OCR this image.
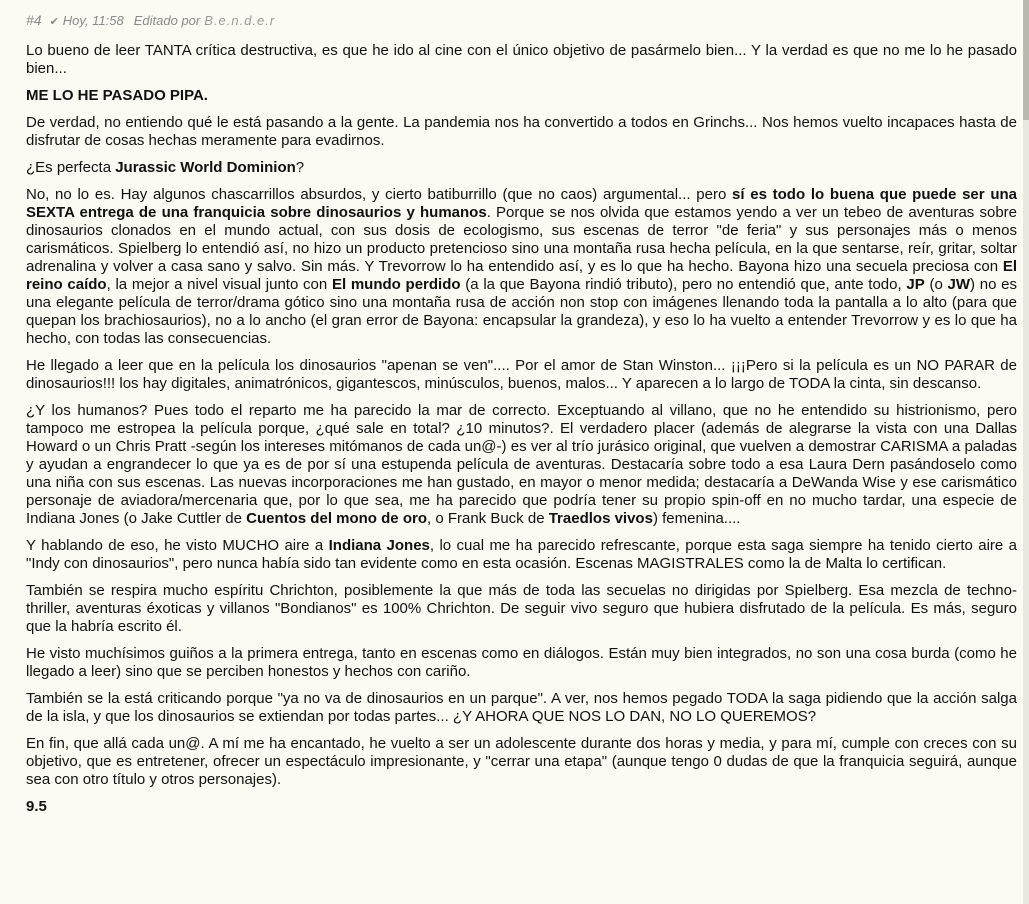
#4 ✔ Hoy, 11:58 Editado por B.e.n.d.e.r

Lo bueno de leer TANTA crítica destructiva, es que he ido al cine con el único objetivo de pasármelo bien... Y la verdad es que no me lo he pasado bien...

ME LO HE PASADO PIPA.

De verdad, no entiendo qué le está pasando a la gente. La pandemia nos ha convertido a todos en Grinchs... Nos hemos vuelto incapaces hasta de disfrutar de cosas hechas meramente para evadirnos.

¿Es perfecta Jurassic World Dominion?

No, no lo es. Hay algunos chascarrillos absurdos, y cierto batiburrillo (que no caos) argumental... pero sí es todo lo buena que puede ser una SEXTA entrega de una franquicia sobre dinosaurios y humanos. Porque se nos olvida que estamos yendo a ver un tebeo de aventuras sobre dinosaurios clonados en el mundo actual, con sus dosis de ecologismo, sus escenas de terror "de feria" y sus personajes más o menos carismáticos. Spielberg lo entendió así, no hizo un producto pretencioso sino una montaña rusa hecha película, en la que sentarse, reír, gritar, soltar adrenalina y volver a casa sano y salvo. Sin más. Y Trevorrow lo ha entendido así, y es lo que ha hecho. Bayona hizo una secuela preciosa con El reino caído, la mejor a nivel visual junto con El mundo perdido (a la que Bayona rindió tributo), pero no entendió que, ante todo, JP (o JW) no es una elegante película de terror/drama gótico sino una montaña rusa de acción non stop con imágenes llenando toda la pantalla a lo alto (para que quepan los brachiosaurios), no a lo ancho (el gran error de Bayona: encapsular la grandeza), y eso lo ha vuelto a entender Trevorrow y es lo que ha hecho, con todas las consecuencias.

He llegado a leer que en la película los dinosaurios "apenan se ven".... Por el amor de Stan Winston... ¡¡¡Pero si la película es un NO PARAR de dinosaurios!!! los hay digitales, animatrónicos, gigantescos, minúsculos, buenos, malos... Y aparecen a lo largo de TODA la cinta, sin descanso.

¿Y los humanos? Pues todo el reparto me ha parecido la mar de correcto. Exceptuando al villano, que no he entendido su histrionismo, pero tampoco me estropea la película porque, ¿qué sale en total? ¿10 minutos?. El verdadero placer (además de alegrarse la vista con una Dallas Howard o un Chris Pratt -según los intereses mitómanos de cada un@-) es ver al trío jurásico original, que vuelven a demostrar CARISMA a paladas y ayudan a engrandecer lo que ya es de por sí una estupenda película de aventuras. Destacaría sobre todo a esa Laura Dern pasándoselo como una niña con sus escenas. Las nuevas incorporaciones me han gustado, en mayor o menor medida; destacaría a DeWanda Wise y ese carismático personaje de aviadora/mercenaria que, por lo que sea, me ha parecido que podría tener su propio spin-off en no mucho tardar, una especie de Indiana Jones (o Jake Cuttler de Cuentos del mono de oro, o Frank Buck de Traedlos vivos) femenina....

Y hablando de eso, he visto MUCHO aire a Indiana Jones, lo cual me ha parecido refrescante, porque esta saga siempre ha tenido cierto aire a "Indy con dinosaurios", pero nunca había sido tan evidente como en esta ocasión. Escenas MAGISTRALES como la de Malta lo certifican.

También se respira mucho espíritu Chrichton, posiblemente la que más de toda las secuelas no dirigidas por Spielberg. Esa mezcla de techno-thriller, aventuras éxoticas y villanos "Bondianos" es 100% Chrichton. De seguir vivo seguro que hubiera disfrutado de la película. Es más, seguro que la habría escrito él.

He visto muchísimos guiños a la primera entrega, tanto en escenas como en diálogos. Están muy bien integrados, no son una cosa burda (como he llegado a leer) sino que se perciben honestos y hechos con cariño.

También se la está criticando porque "ya no va de dinosaurios en un parque". A ver, nos hemos pegado TODA la saga pidiendo que la acción salga de la isla, y que los dinosaurios se extiendan por todas partes... ¿Y AHORA QUE NOS LO DAN, NO LO QUEREMOS?

En fin, que allá cada un@. A mí me ha encantado, he vuelto a ser un adolescente durante dos horas y media, y para mí, cumple con creces con su objetivo, que es entretener, ofrecer un espectáculo impresionante, y "cerrar una etapa" (aunque tengo 0 dudas de que la franquicia seguirá, aunque sea con otro título y otros personajes).

9.5
